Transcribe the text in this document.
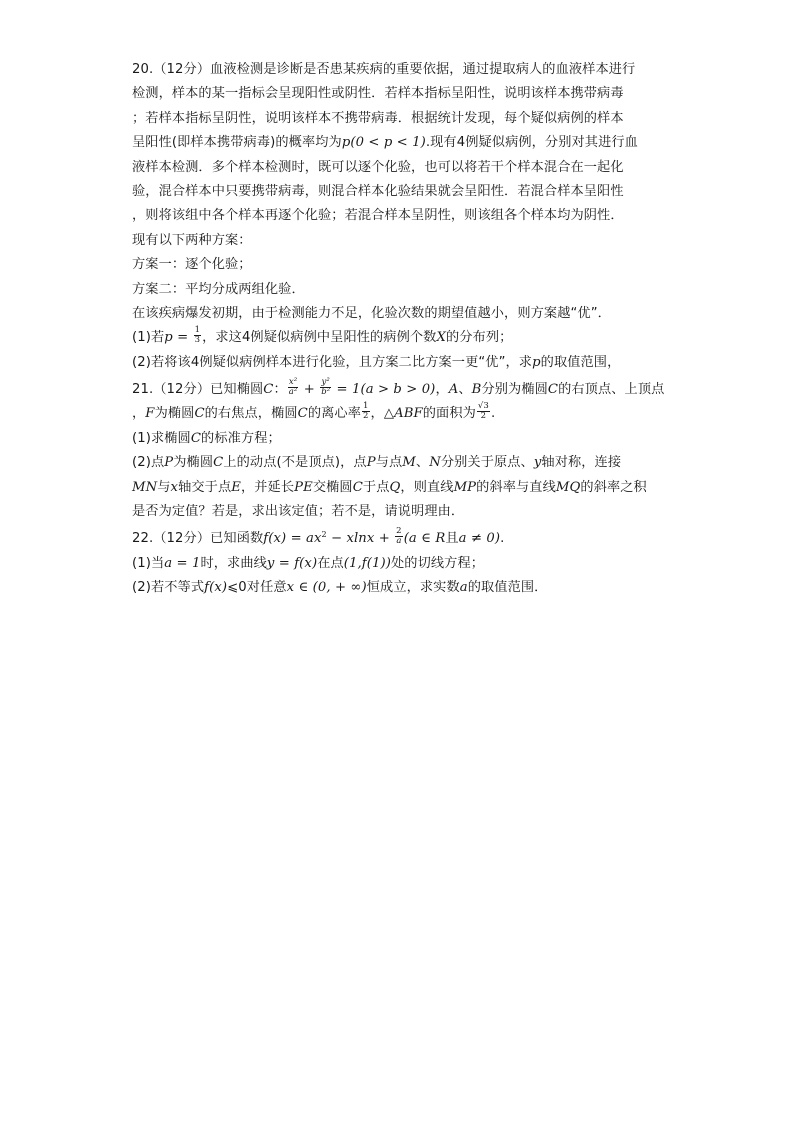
20.（12分）血液检测是诊断是否患某疾病的重要依据，通过提取病人的血液样本进行
检测，样本的某一指标会呈现阳性或阴性．若样本指标呈阳性，说明该样本携带病毒
；若样本指标呈阴性，说明该样本不携带病毒．根据统计发现，每个疑似病例的样本
呈阳性(即样本携带病毒)的概率均为p(0 < p < 1).现有4例疑似病例，分别对其进行血
液样本检测．多个样本检测时，既可以逐个化验，也可以将若干个样本混合在一起化
验，混合样本中只要携带病毒，则混合样本化验结果就会呈阳性．若混合样本呈阳性
，则将该组中各个样本再逐个化验；若混合样本呈阴性，则该组各个样本均为阴性．
现有以下两种方案：
方案一：逐个化验；
方案二：平均分成两组化验．
在该疾病爆发初期，由于检测能力不足，化验次数的期望值越小，则方案越“优”．
(1)若$p = \frac{1}{3}$ ，求这4例疑似病例中呈阳性的病例个数X的分布列；
(2)若将该4例疑似病例样本进行化验，且方案二比方案一更“优”，求p的取值范围，
21.（12分）已知椭圆C： $\frac{\text{x²}}{\text{a²}} + \frac{\text{y²}}{\text{b²}} = 1(a > b > 0)$，A、B分别为椭圆C的右顶点、上顶点
，F为椭圆C的右焦点，椭圆C的离心率 $\frac{1}{2}$ ，△ABF的面积为 $\frac{√3}{2}$ .
(1)求椭圆C的标准方程；
(2)点P为椭圆C上的动点(不是顶点)，点P与点M、N分别关于原点、y轴对称，连接
MN与x轴交于点E，并延长PE交椭圆C于点Q，则直线MP的斜率与直线MQ的斜率之积
是否为定值？若是，求出该定值；若不是，请说明理由．
22.（12分）已知函数$f(x) = ax^2 - xlnx + \frac{2}{a} (a$ ∈ R且a ≠ 0).
(1)当a = 1时，求曲线y = f(x)在点(1,f(1))处的切线方程；
(2)若不等式f(x)⩽0对任意x ∈ (0, + ∞)恒成立，求实数a的取值范围．
